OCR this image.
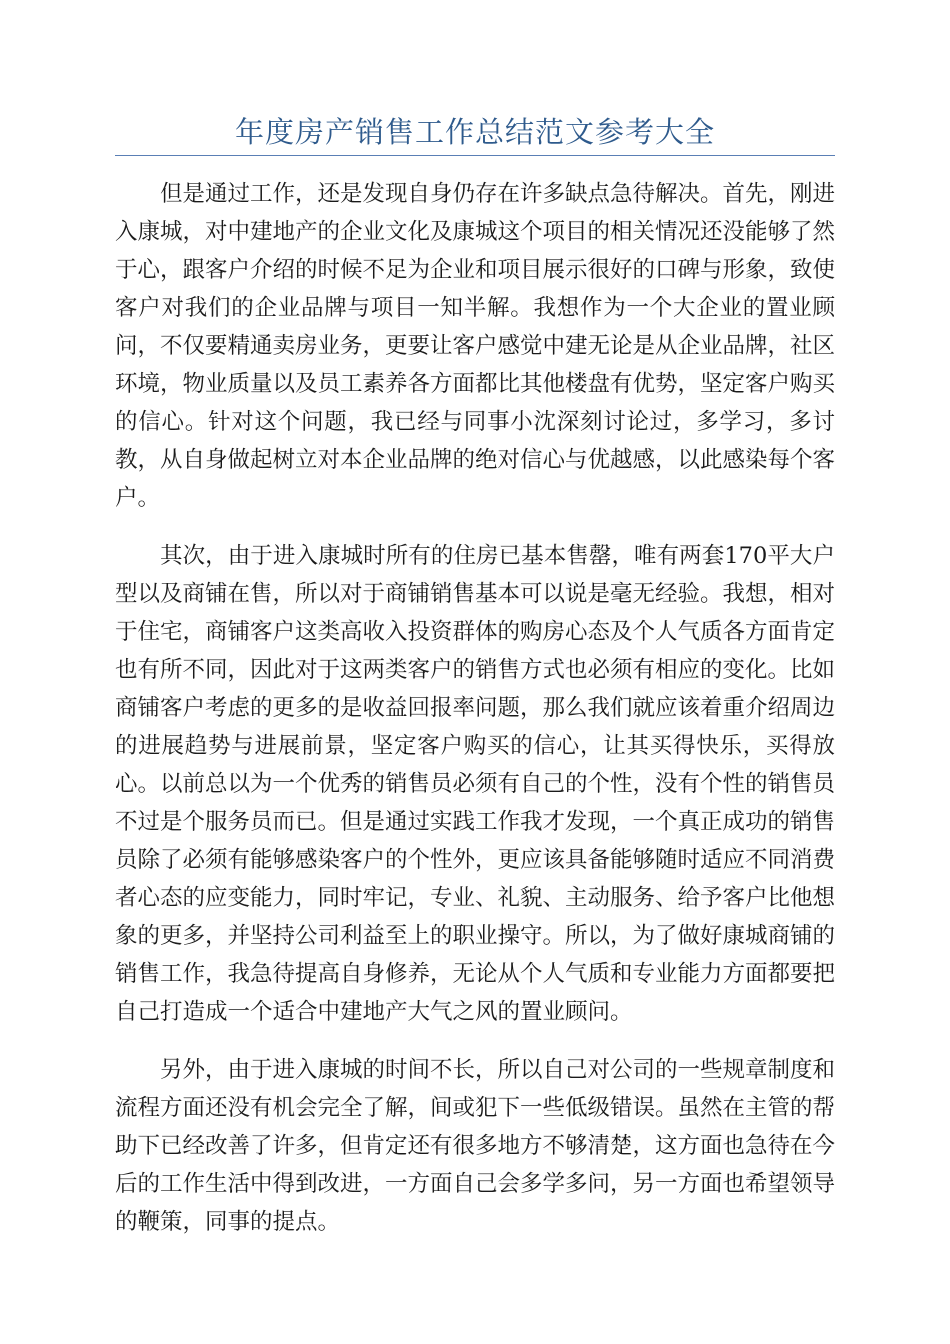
年度房产销售工作总结范文参考大全

但是通过工作，还是发现自身仍存在许多缺点急待解决。首先，刚进入康城，对中建地产的企业文化及康城这个项目的相关情况还没能够了然于心，跟客户介绍的时候不足为企业和项目展示很好的口碑与形象，致使客户对我们的企业品牌与项目一知半解。我想作为一个大企业的置业顾问，不仅要精通卖房业务，更要让客户感觉中建无论是从企业品牌，社区环境，物业质量以及员工素养各方面都比其他楼盘有优势，坚定客户购买的信心。针对这个问题，我已经与同事小沈深刻讨论过，多学习，多讨教，从自身做起树立对本企业品牌的绝对信心与优越感，以此感染每个客户。

其次，由于进入康城时所有的住房已基本售罄，唯有两套170平大户型以及商铺在售，所以对于商铺销售基本可以说是毫无经验。我想，相对于住宅，商铺客户这类高收入投资群体的购房心态及个人气质各方面肯定也有所不同，因此对于这两类客户的销售方式也必须有相应的变化。比如商铺客户考虑的更多的是收益回报率问题，那么我们就应该着重介绍周边的进展趋势与进展前景，坚定客户购买的信心，让其买得快乐，买得放心。以前总以为一个优秀的销售员必须有自己的个性，没有个性的销售员不过是个服务员而已。但是通过实践工作我才发现，一个真正成功的销售员除了必须有能够感染客户的个性外，更应该具备能够随时适应不同消费者心态的应变能力，同时牢记，专业、礼貌、主动服务、给予客户比他想象的更多，并坚持公司利益至上的职业操守。所以，为了做好康城商铺的销售工作，我急待提高自身修养，无论从个人气质和专业能力方面都要把自己打造成一个适合中建地产大气之风的置业顾问。

另外，由于进入康城的时间不长，所以自己对公司的一些规章制度和流程方面还没有机会完全了解，间或犯下一些低级错误。虽然在主管的帮助下已经改善了许多，但肯定还有很多地方不够清楚，这方面也急待在今后的工作生活中得到改进，一方面自己会多学多问，另一方面也希望领导的鞭策，同事的提点。
